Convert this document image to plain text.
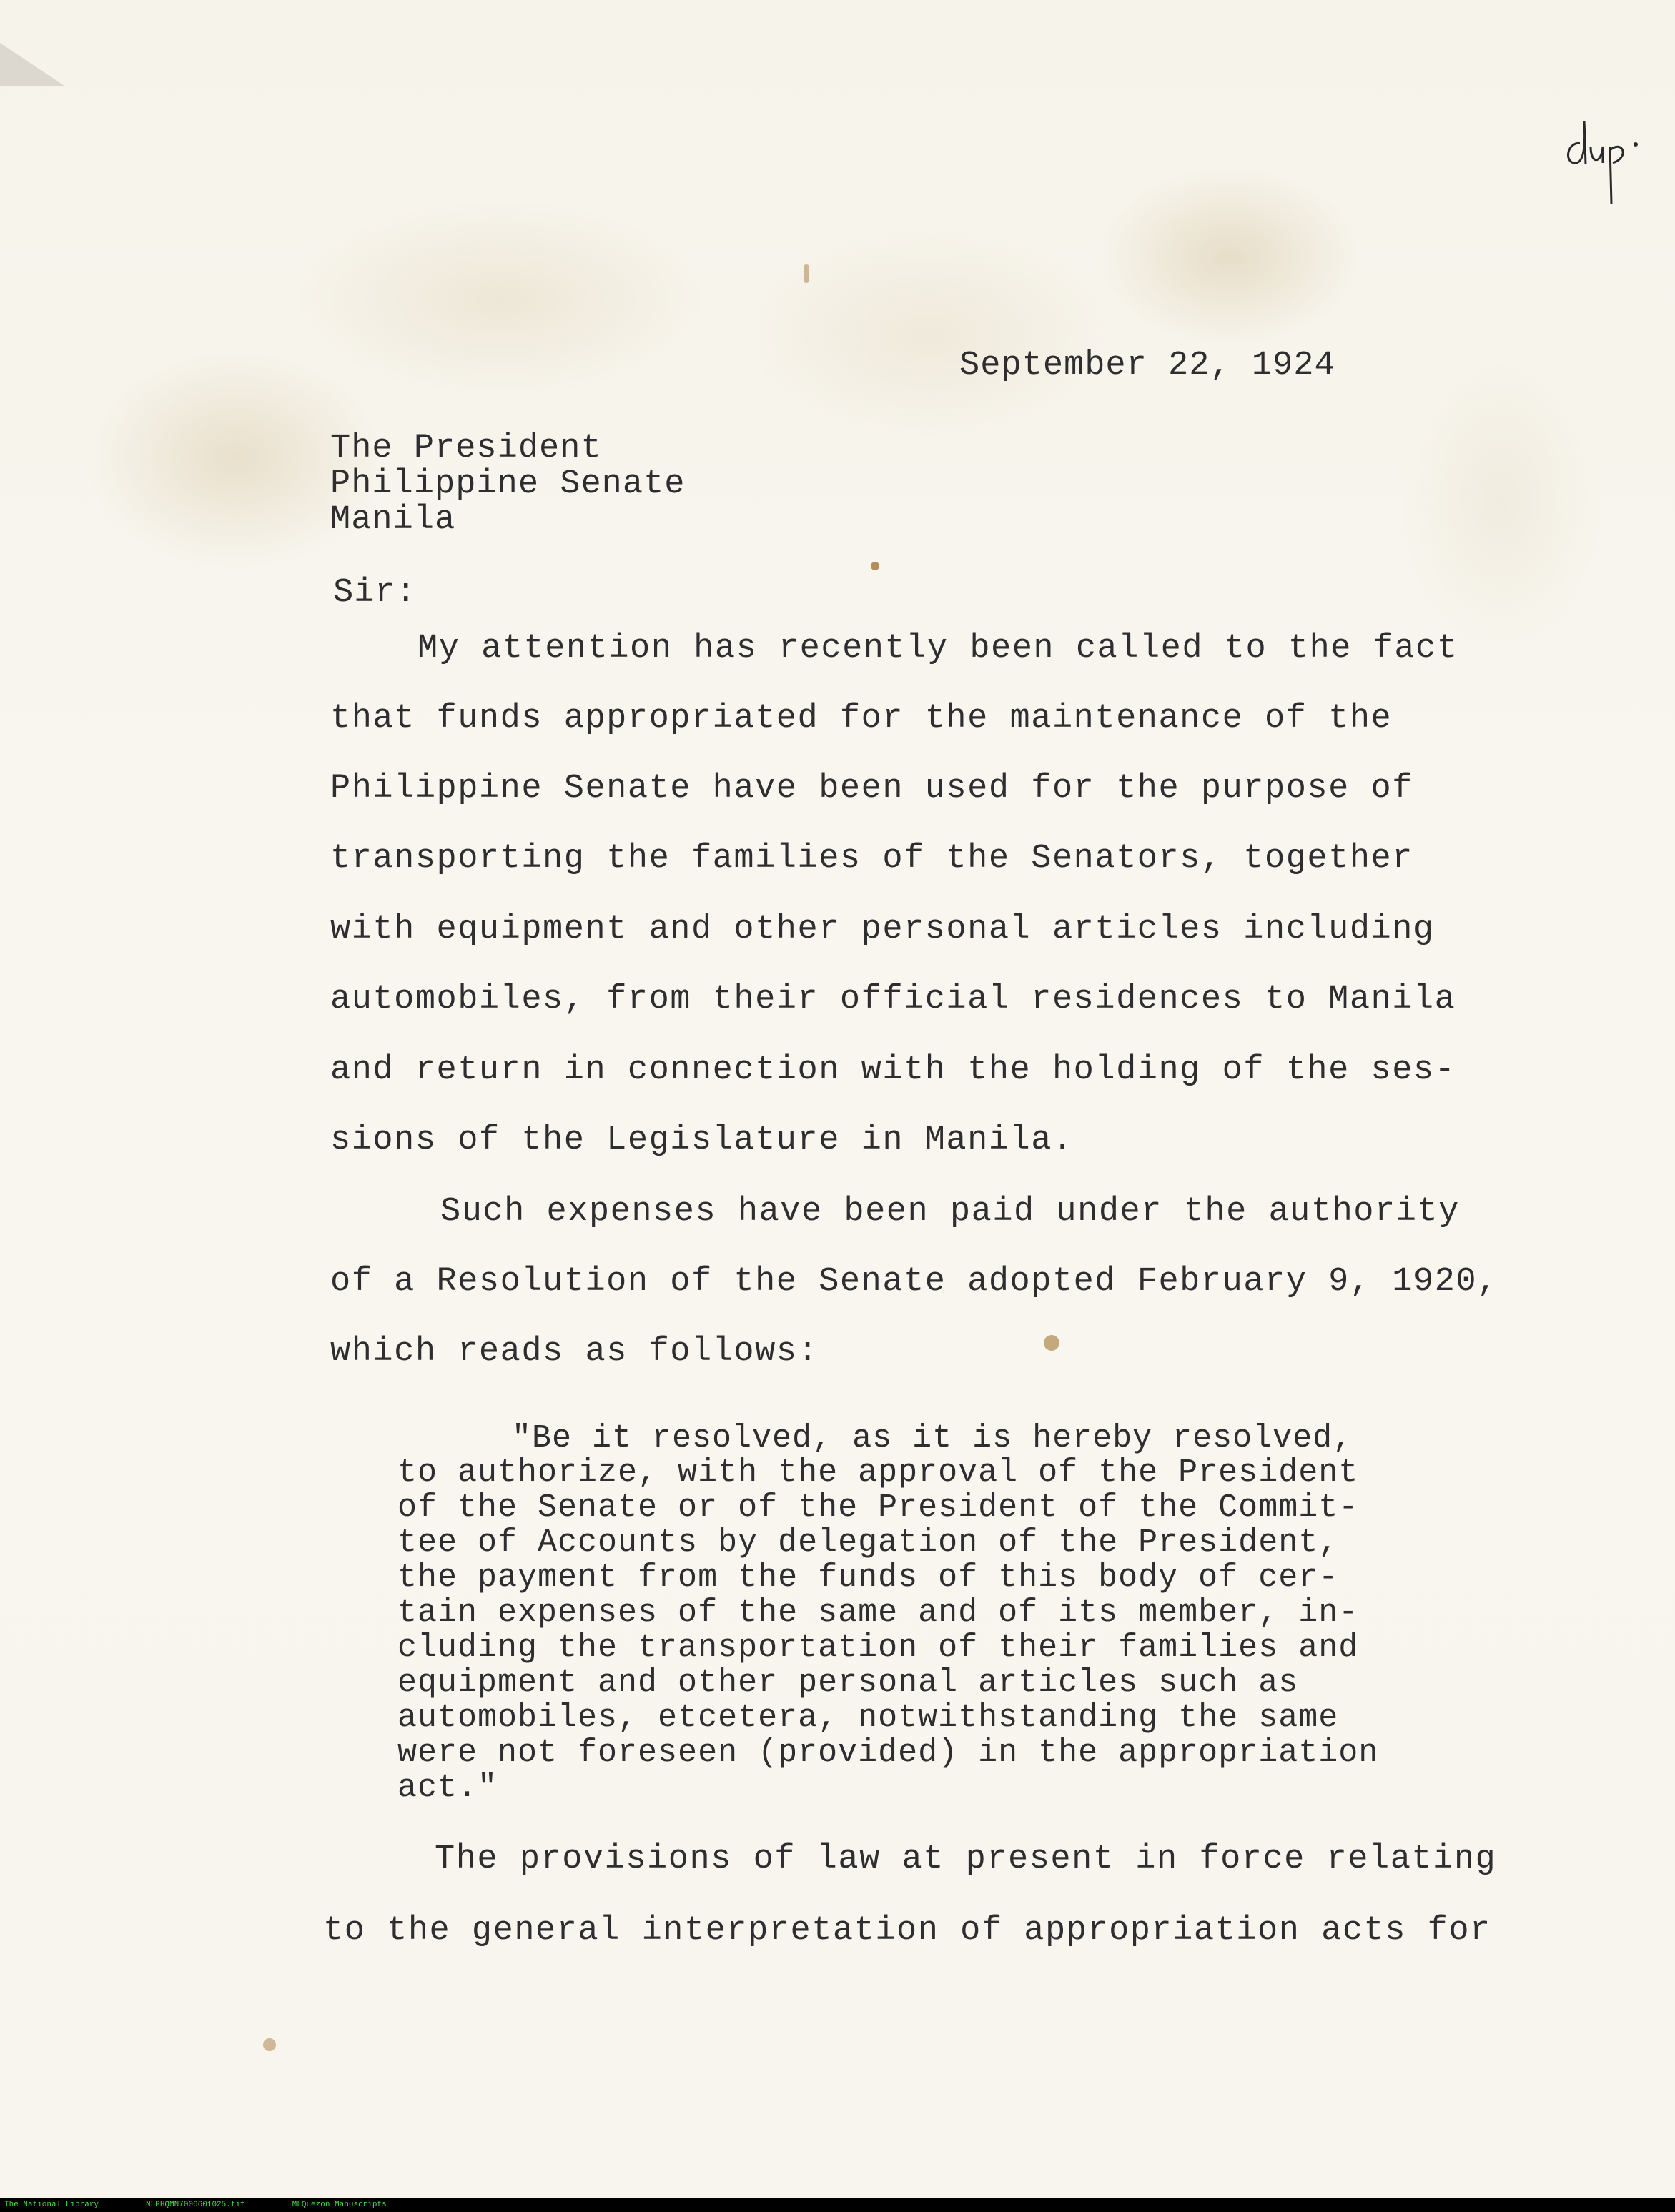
September 22, 1924

The President

Philippine Senate

Manila

Sir:

My attention has recently been called to the fact

that funds appropriated for the maintenance of the

Philippine Senate have been used for the purpose of

transporting the families of the Senators, together

with equipment and other personal articles including

automobiles, from their official residences to Manila

and return in connection with the holding of the ses-

sions of the Legislature in Manila.

Such expenses have been paid under the authority

of a Resolution of the Senate adopted February 9, 1920,

which reads as follows:

"Be it resolved, as it is hereby resolved,

to authorize, with the approval of the President

of the Senate or of the President of the Commit-

tee of Accounts by delegation of the President,

the payment from the funds of this body of cer-

tain expenses of the same and of its member, in-

cluding the transportation of their families and

equipment and other personal articles such as

automobiles, etcetera, notwithstanding the same

were not foreseen (provided) in the appropriation

act."

The provisions of law at present in force relating

to the general interpretation of appropriation acts for

The National Library	NLPHQMN7006601025.tif	MLQuezon Manuscripts
